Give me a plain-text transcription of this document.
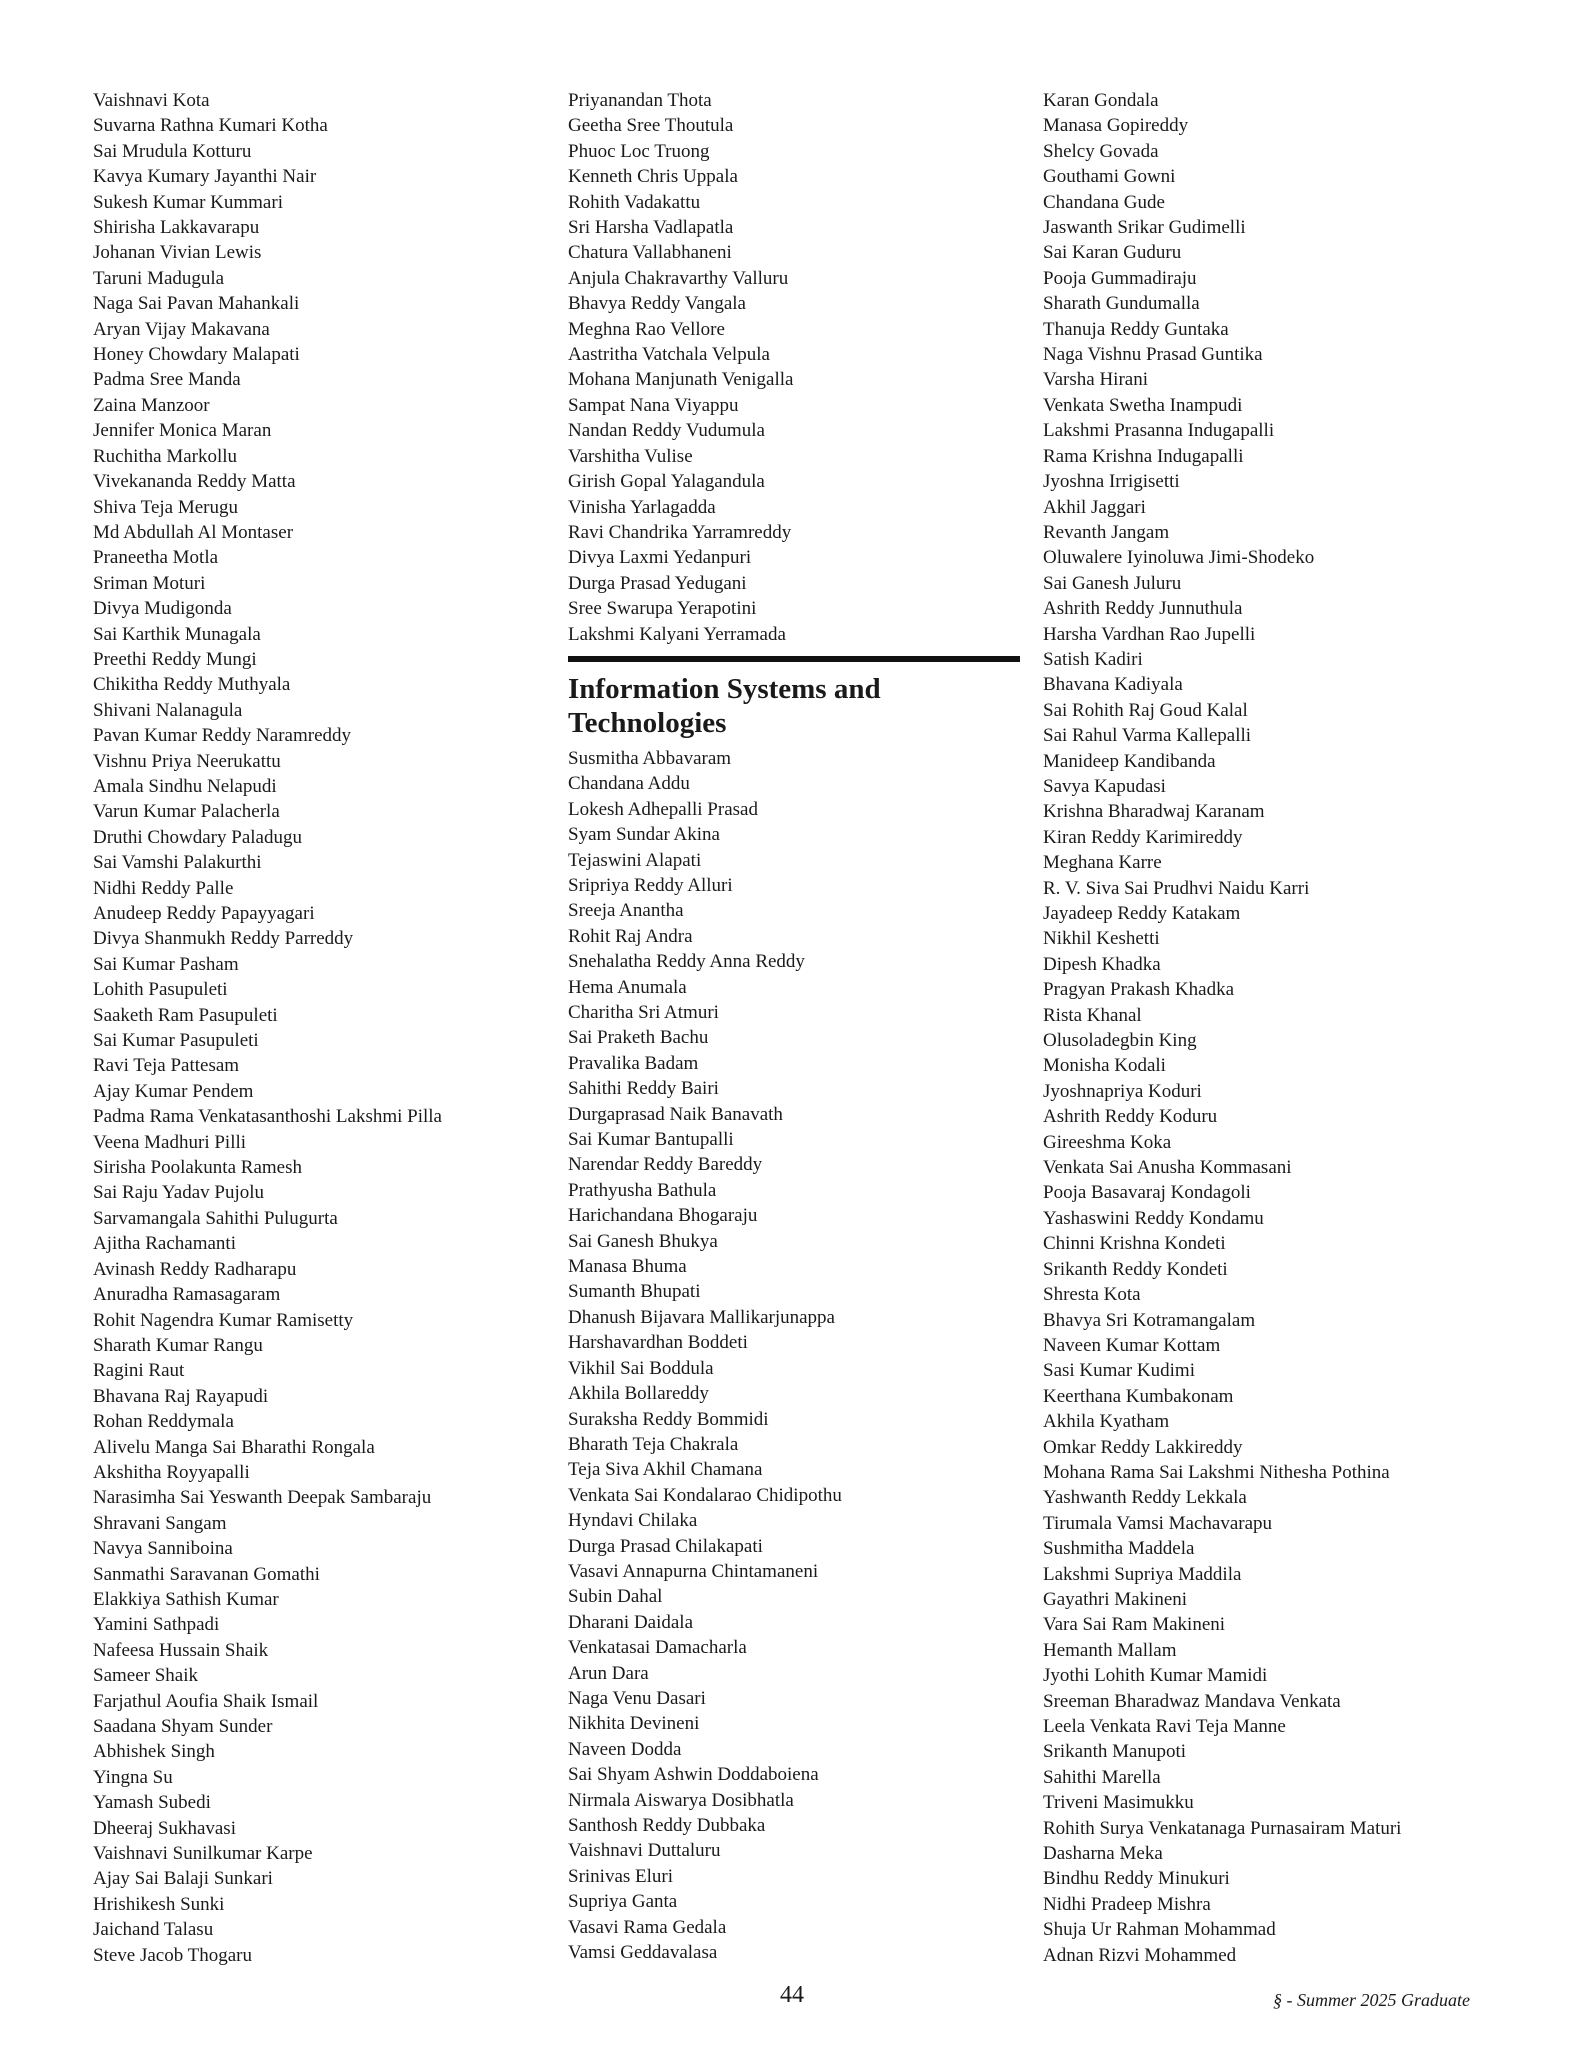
Vaishnavi Kota
Suvarna Rathna Kumari Kotha
Sai Mrudula Kotturu
Kavya Kumary Jayanthi Nair
Sukesh Kumar Kummari
Shirisha Lakkavarapu
Johanan Vivian Lewis
Taruni Madugula
Naga Sai Pavan Mahankali
Aryan Vijay Makavana
Honey Chowdary Malapati
Padma Sree Manda
Zaina Manzoor
Jennifer Monica Maran
Ruchitha Markollu
Vivekananda Reddy Matta
Shiva Teja Merugu
Md Abdullah Al Montaser
Praneetha Motla
Sriman Moturi
Divya Mudigonda
Sai Karthik Munagala
Preethi Reddy Mungi
Chikitha Reddy Muthyala
Shivani Nalanagula
Pavan Kumar Reddy Naramreddy
Vishnu Priya Neerukattu
Amala Sindhu Nelapudi
Varun Kumar Palacherla
Druthi Chowdary Paladugu
Sai Vamshi Palakurthi
Nidhi Reddy Palle
Anudeep Reddy Papayyagari
Divya Shanmukh Reddy Parreddy
Sai Kumar Pasham
Lohith Pasupuleti
Saaketh Ram Pasupuleti
Sai Kumar Pasupuleti
Ravi Teja Pattesam
Ajay Kumar Pendem
Padma Rama Venkatasanthoshi Lakshmi Pilla
Veena Madhuri Pilli
Sirisha Poolakunta Ramesh
Sai Raju Yadav Pujolu
Sarvamangala Sahithi Pulugurta
Ajitha Rachamanti
Avinash Reddy Radharapu
Anuradha Ramasagaram
Rohit Nagendra Kumar Ramisetty
Sharath Kumar Rangu
Ragini Raut
Bhavana Raj Rayapudi
Rohan Reddymala
Alivelu Manga Sai Bharathi Rongala
Akshitha Royyapalli
Narasimha Sai Yeswanth Deepak Sambaraju
Shravani Sangam
Navya Sanniboina
Sanmathi Saravanan Gomathi
Elakkiya Sathish Kumar
Yamini Sathpadi
Nafeesa Hussain Shaik
Sameer Shaik
Farjathul Aoufia Shaik Ismail
Saadana Shyam Sunder
Abhishek Singh
Yingna Su
Yamash Subedi
Dheeraj Sukhavasi
Vaishnavi Sunilkumar Karpe
Ajay Sai Balaji Sunkari
Hrishikesh Sunki
Jaichand Talasu
Steve Jacob Thogaru
Priyanandan Thota
Geetha Sree Thoutula
Phuoc Loc Truong
Kenneth Chris Uppala
Rohith Vadakattu
Sri Harsha Vadlapatla
Chatura Vallabhaneni
Anjula Chakravarthy Valluru
Bhavya Reddy Vangala
Meghna Rao Vellore
Aastritha Vatchala Velpula
Mohana Manjunath Venigalla
Sampat Nana Viyappu
Nandan Reddy Vudumula
Varshitha Vulise
Girish Gopal Yalagandula
Vinisha Yarlagadda
Ravi Chandrika Yarramreddy
Divya Laxmi Yedanpuri
Durga Prasad Yedugani
Sree Swarupa Yerapotini
Lakshmi Kalyani Yerramada
Information Systems and
Technologies
Susmitha Abbavaram
Chandana Addu
Lokesh Adhepalli Prasad
Syam Sundar Akina
Tejaswini Alapati
Sripriya Reddy Alluri
Sreeja Anantha
Rohit Raj Andra
Snehalatha Reddy Anna Reddy
Hema Anumala
Charitha Sri Atmuri
Sai Praketh Bachu
Pravalika Badam
Sahithi Reddy Bairi
Durgaprasad Naik Banavath
Sai Kumar Bantupalli
Narendar Reddy Bareddy
Prathyusha Bathula
Harichandana Bhogaraju
Sai Ganesh Bhukya
Manasa Bhuma
Sumanth Bhupati
Dhanush Bijavara Mallikarjunappa
Harshavardhan Boddeti
Vikhil Sai Boddula
Akhila Bollareddy
Suraksha Reddy Bommidi
Bharath Teja Chakrala
Teja Siva Akhil Chamana
Venkata Sai Kondalarao Chidipothu
Hyndavi Chilaka
Durga Prasad Chilakapati
Vasavi Annapurna Chintamaneni
Subin Dahal
Dharani Daidala
Venkatasai Damacharla
Arun Dara
Naga Venu Dasari
Nikhita Devineni
Naveen Dodda
Sai Shyam Ashwin Doddaboiena
Nirmala Aiswarya Dosibhatla
Santhosh Reddy Dubbaka
Vaishnavi Duttaluru
Srinivas Eluri
Supriya Ganta
Vasavi Rama Gedala
Vamsi Geddavalasa
Karan Gondala
Manasa Gopireddy
Shelcy Govada
Gouthami Gowni
Chandana Gude
Jaswanth Srikar Gudimelli
Sai Karan Guduru
Pooja Gummadiraju
Sharath Gundumalla
Thanuja Reddy Guntaka
Naga Vishnu Prasad Guntika
Varsha Hirani
Venkata Swetha Inampudi
Lakshmi Prasanna Indugapalli
Rama Krishna Indugapalli
Jyoshna Irrigisetti
Akhil Jaggari
Revanth Jangam
Oluwalere Iyinoluwa Jimi-Shodeko
Sai Ganesh Juluru
Ashrith Reddy Junnuthula
Harsha Vardhan Rao Jupelli
Satish Kadiri
Bhavana Kadiyala
Sai Rohith Raj Goud Kalal
Sai Rahul Varma Kallepalli
Manideep Kandibanda
Savya Kapudasi
Krishna Bharadwaj Karanam
Kiran Reddy Karimireddy
Meghana Karre
R. V. Siva Sai Prudhvi Naidu Karri
Jayadeep Reddy Katakam
Nikhil Keshetti
Dipesh Khadka
Pragyan Prakash Khadka
Rista Khanal
Olusoladegbin King
Monisha Kodali
Jyoshnapriya Koduri
Ashrith Reddy Koduru
Gireeshma Koka
Venkata Sai Anusha Kommasani
Pooja Basavaraj Kondagoli
Yashaswini Reddy Kondamu
Chinni Krishna Kondeti
Srikanth Reddy Kondeti
Shresta Kota
Bhavya Sri Kotramangalam
Naveen Kumar Kottam
Sasi Kumar Kudimi
Keerthana Kumbakonam
Akhila Kyatham
Omkar Reddy Lakkireddy
Mohana Rama Sai Lakshmi Nithesha Pothina
Yashwanth Reddy Lekkala
Tirumala Vamsi Machavarapu
Sushmitha Maddela
Lakshmi Supriya Maddila
Gayathri Makineni
Vara Sai Ram Makineni
Hemanth Mallam
Jyothi Lohith Kumar Mamidi
Sreeman Bharadwaz Mandava Venkata
Leela Venkata Ravi Teja Manne
Srikanth Manupoti
Sahithi Marella
Triveni Masimukku
Rohith Surya Venkatanaga Purnasairam Maturi
Dasharna Meka
Bindhu Reddy Minukuri
Nidhi Pradeep Mishra
Shuja Ur Rahman Mohammad
Adnan Rizvi Mohammed
44	§ - Summer 2025 Graduate
